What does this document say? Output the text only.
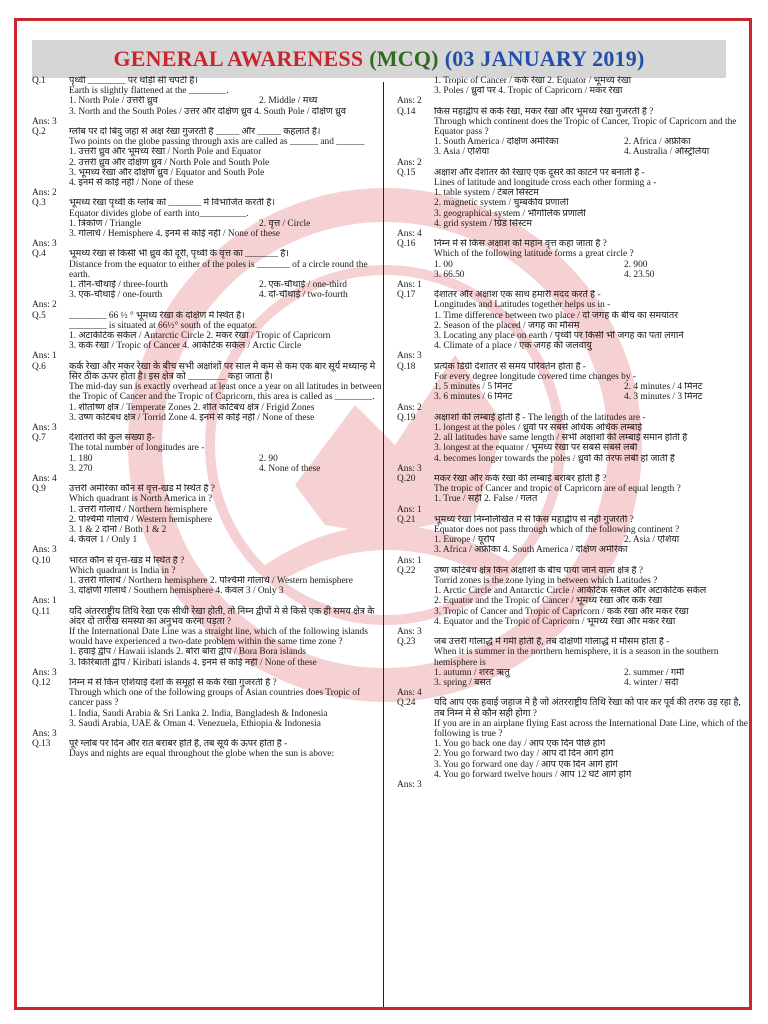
GENERAL AWARENESS (MCQ) (03 JANUARY 2019)
Q.1	पृथ्वी ________ पर थोड़ी सी चपटी है।
Earth is slightly flattened at the ________.
1. North Pole / उत्तरी ध्रुव	2. Middle / मध्य
3. North and the South Poles / उत्तर और दक्षिण ध्रुव 4. South Pole / दक्षिण ध्रुव
Ans: 3
Q.2	ग्लोब पर दो बिंदु जहां से अक्ष रेखा गुजरती है _____ और _____ कहलाते है।
Two points on the globe passing through axis are called as ______ and ______
1. उत्तरी ध्रुव और भूमध्य रेखा / North Pole and Equator
2. उत्तरी ध्रुव और दक्षिण ध्रुव / North Pole and South Pole
3. भूमध्य रेखा और दक्षिण ध्रुव / Equator and South Pole
4. इनमे से कोई नहीं / None of these
Ans: 2
Q.3	भूमध्य रेखा पृथ्वी के ग्लोब को _______ मे विभाजित करती है।
Equator divides globe of earth into__________.
1. त्रिकोण / Triangle	2. वृत्त / Circle
3. गोलार्ध / Hemisphere 4. इनमे से कोई नहीं / None of these
Ans: 3
Q.4	भूमध्य रेखा से किसी भी ध्रुव की दूरी, पृथ्वी के वृत्त का _______ है।
Distance from the equator to either of the poles is _______ of a circle round the earth.
1. तीन-चौथाई / three-fourth	2. एक-चौथाई / one-third
3. एक-चौथाई / one-fourth	4. दो-चौथाई / two-fourth
Ans: 2
Q.5	________ 66 ½ ° भूमध्य रेखा के दक्षिण मे स्थित है।
________ is situated at 66½° south of the equator.
1. अंटार्कटिक सर्कल / Antarctic Circle 2. मकर रेखा / Tropic of Capricorn
3. कर्क रेखा / Tropic of Cancer 4. आर्कटिक सर्कल / Arctic Circle
Ans: 1
Q.6	कर्क रेखा और मकर रेखा के बीच सभी अक्षांशों पर साल मे कम से कम एक बार सूर्य मध्यान्ह मे सिर ठीक ऊपर होता है। इस क्षेत्र को ________ कहा जाता है।
The mid-day sun is exactly overhead at least once a year on all latitudes in between the Tropic of Cancer and the Tropic of Capricorn, this area is called as ________.
1. शीतोष्ण क्षेत्र / Temperate Zones 2. शीत कटिबंध क्षेत्र / Frigid Zones
3. उष्ण कटिबंध क्षेत्र / Torrid Zone 4. इनमे से कोई नहीं / None of these
Ans: 3
Q.7	देशांतरों की कुल संख्या है-
The total number of longitudes are -
1. 180	2. 90
3. 270	4. None of these
Ans: 4
Q.9	उत्तरी अमेरिका कौन से वृत्त-खंड मे स्थित है ?
Which quadrant is North America in ?
1. उत्तरी गोलार्ध / Northern hemisphere
2. पश्चिमी गोलार्ध / Western hemisphere
3. 1 & 2 दोनों / Both 1 & 2
4. केवल 1 / Only 1
Ans: 3
Q.10	भारत कौन से वृत्त-खंड मे स्थित है ?
Which quadrant is India in ?
1. उत्तरी गोलार्ध / Northern hemisphere 2. पश्चिमी गोलार्ध / Western hemisphere
3. दक्षिणी गोलार्ध / Southern hemisphere 4. केवल 3 / Only 3
Ans: 1
Q.11	यदि अंतरराष्ट्रीय तिथि रेखा एक सीधी रेखा होती, तो निम्न द्वीपों मे से किसे एक ही समय क्षेत्र के अंदर दो तारीख समस्या का अनुभव करना पड़ता ?
If the International Date Line was a straight line, which of the following islands would have experienced a two-date problem within the same time zone ?
1. हवाई द्वीप / Hawaii islands 2. बोरा बोरा द्वीप / Bora Bora islands
3. किरिबाती द्वीप / Kiribati islands 4. इनमे से कोई नहीं / None of these
Ans: 3
Q.12	निम्न मे से किन एशियाई देशों के समूहों से कर्क रेखा गुजरती है ?
Through which one of the following groups of Asian countries does Tropic of cancer pass ?
1. India, Saudi Arabia & Sri Lanka 2. India, Bangladesh & Indonesia
3. Saudi Arabia, UAE & Oman 4. Venezuela, Ethiopia & Indonesia
Ans: 3
Q.13	पूरे ग्लोब पर दिन और रात बराबर होते है, तब सूर्य के ऊपर होता है -
Days and nights are equal throughout the globe when the sun is above:
1. Tropic of Cancer / कर्क रेखा 2. Equator / भूमध्य रेखा
3. Poles / ध्रुवों पर 4. Tropic of Capricorn / मकर रेखा
Ans: 2
Q.14	किस महाद्वीप से कर्क रेखा, मकर रेखा और भूमध्य रेखा गुजरती है ?
Through which continent does the Tropic of Cancer, Tropic of Capricorn and the Equator pass ?
1. South America / दक्षिण अमेरिका	2. Africa / अफ्रीका
3. Asia / एशिया	4. Australia / ऑस्ट्रेलिया
Ans: 2
Q.15	अक्षांश और देशांतर की रेखाएं एक दूसरे को काटने पर बनाती है -
Lines of latitude and longitude cross each other forming a -
1. table system / टेबल सिस्टम
2. magnetic system / चुम्बकीय प्रणाली
3. geographical system / भौगोलिक प्रणाली
4. grid system / ग्रिड सिस्टम
Ans: 4
Q.16	निम्न मे से किस अक्षांश को महान वृत्त कहा जाता है ?
Which of the following latitude forms a great circle ?
1. 00	2. 900
3. 66.50	4. 23.50
Ans: 1
Q.17	देशांतर और अक्षांश एक साथ हमारी मदद करते है -
Longitudes and Latitudes together helps us in -
1. Time difference between two place / दो जगह के बीच का समयांतर
2. Season of the placed / जगह का मौसम
3. Locating any place on earth / पृथ्वी पर किसी भी जगह का पता लगाने
4. Climate of a place / एक जगह की जलवायु
Ans: 3
Q.18	प्रत्येक डिग्री देशांतर से समय परिवर्तन होता है -
For every degree longitude covered time changes by -
1. 5 minutes / 5 मिनट	2. 4 minutes / 4 मिनट
3. 6 minutes / 6 मिनट	4. 3 minutes / 3 मिनट
Ans: 2
Q.19	अक्षांशों की लम्बाई होती है - The length of the latitudes are -
1. longest at the poles / ध्रुवों पर सबसे अधिक अधिक लम्बाई
2. all latitudes have same length / सभी अक्षांशों की लम्बाई समान होती है
3. longest at the equator / भूमध्य रेखा पर सबसे सबसे लंबी
4. becomes longer towards the poles / ध्रुवों की तरफ लंबी हो जाती है
Ans: 3
Q.20	मकर रेखा और कर्क रेखा की लम्बाई बराबर होती है ?
The tropic of Cancer and tropic of Capricorn are of equal length ?
1. True / सही 2. False / गलत
Ans: 1
Q.21	भूमध्य रेखा निम्नलिखित मे से किस महाद्वीप से नहीं गुजरती ?
Equator does not pass through which of the following continent ?
1. Europe / यूरोप	2. Asia / एशिया
3. Africa / अफ्रीका 4. South America / दक्षिण अमेरिका
Ans: 1
Q.22	उष्ण कटिबंध क्षेत्र किन अक्षांशों के बीच पाया जाने वाला क्षेत्र है ?
Torrid zones is the zone lying in between which Latitudes ?
1. Arctic Circle and Antarctic Circle / आर्कटिक सर्कल और अंटार्कटिक सर्कल
2. Equator and the Tropic of Cancer / भूमध्य रेखा और कर्क रेखा
3. Tropic of Cancer and Tropic of Capricorn / कर्क रेखा और मकर रेखा
4. Equator and the Tropic of Capricorn / भूमध्य रेखा और मकर रेखा
Ans: 3
Q.23	जब उत्तरी गोलार्द्ध मे गर्मी होती है, तब दक्षिणी गोलार्द्ध मे मौसम होता है -
When it is summer in the northern hemisphere, it is a season in the southern hemisphere is
1. autumn / शरद ऋतु	2. summer / गर्मी
3. spring / बसंत	4. winter / सर्दी
Ans: 4
Q.24	यदि आप एक हवाई जहाज मे है जो अंतरराष्ट्रीय तिथि रेखा को पार कर पूर्व की तरफ उड़ रहा है, तब निम्न मे से कौन सही होगा ?
If you are in an airplane flying East across the International Date Line, which of the following is true ?
1. You go back one day / आप एक दिन पीछे होंगे
2. You go forward two day / आप दो दिन आगे होंगे
3. You go forward one day / आप एक दिन आगे होंगे
4. You go forward twelve hours / आप 12 घंटे आगे होंगे
Ans: 3
